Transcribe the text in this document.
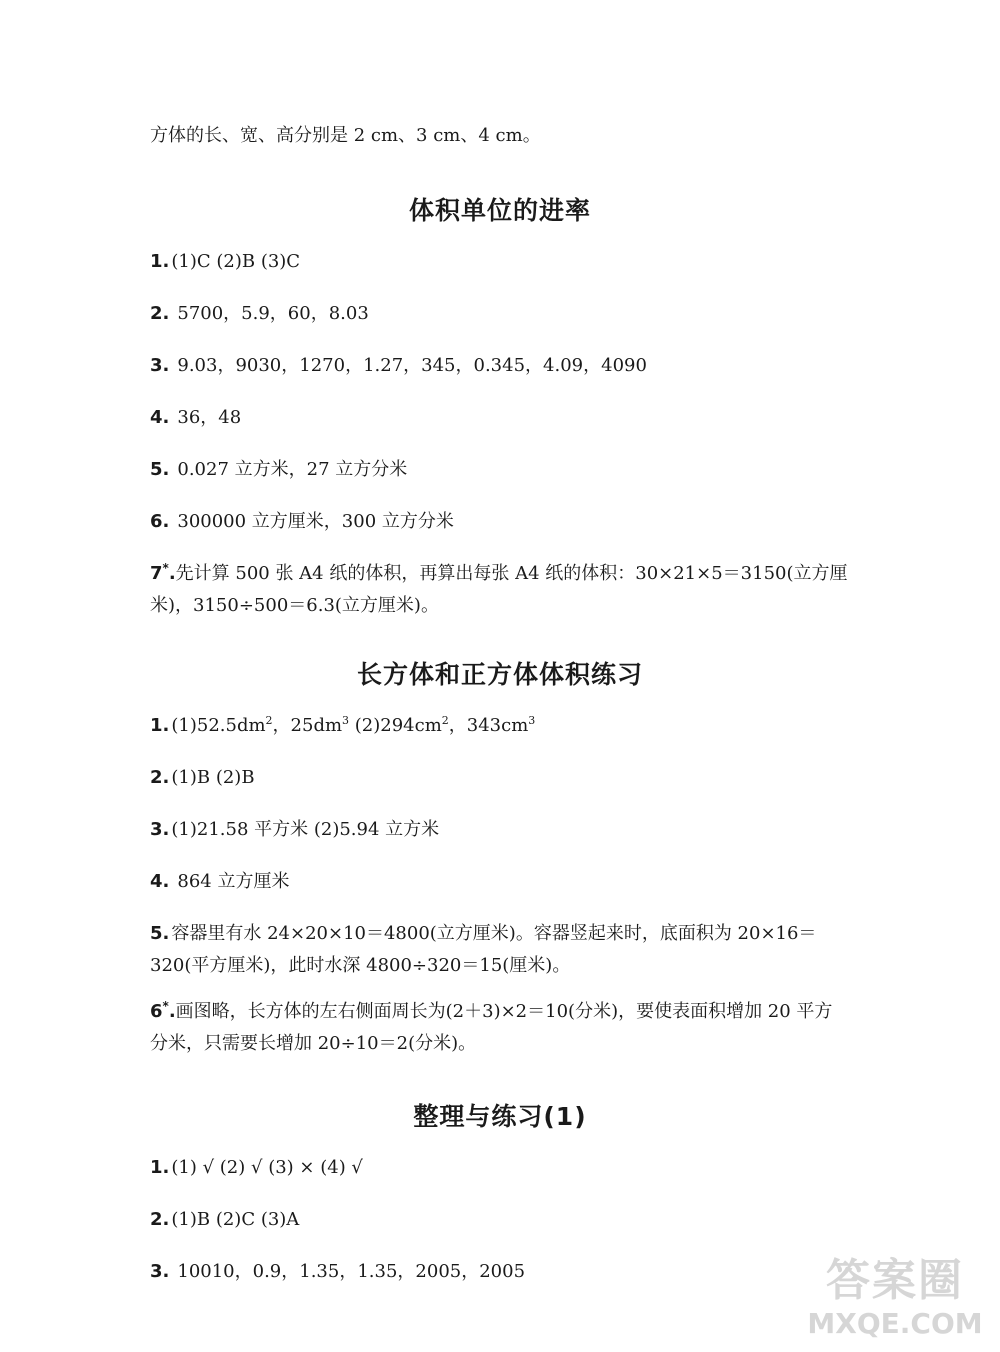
方体的长、宽、高分别是 2 cm、3 cm、4 cm。
体积单位的进率
1. (1)C (2)B (3)C
2. 5700，5.9，60，8.03
3. 9.03，9030，1270，1.27，345，0.345，4.09，4090
4. 36，48
5. 0.027 立方米，27 立方分米
6. 300000 立方厘米，300 立方分米
7*.先计算 500 张 A4 纸的体积，再算出每张 A4 纸的体积：30×21×5＝3150(立方厘米)，3150÷500＝6.3(立方厘米)。
长方体和正方体体积练习
1. $(1)52.5dm^2$，$25dm^3$ $(2)294cm^2$，$343cm^3$
2. (1)B (2)B
3. (1)21.58 平方米 (2)5.94 立方米
4. 864 立方厘米
5. 容器里有水 24×20×10＝4800(立方厘米)。容器竖起来时，底面积为 20×16＝320(平方厘米)，此时水深 4800÷320＝15(厘米)。
6*.画图略，长方体的左右侧面周长为(2＋3)×2＝10(分米)，要使表面积增加 20 平方分米，只需要长增加 20÷10＝2(分米)。
整理与练习(1)
1. (1) √ (2) √ (3) × (4) √
2. (1)B (2)C (3)A
3. 10010，0.9，1.35，1.35，2005，2005	答案圈
MXQE.COM
